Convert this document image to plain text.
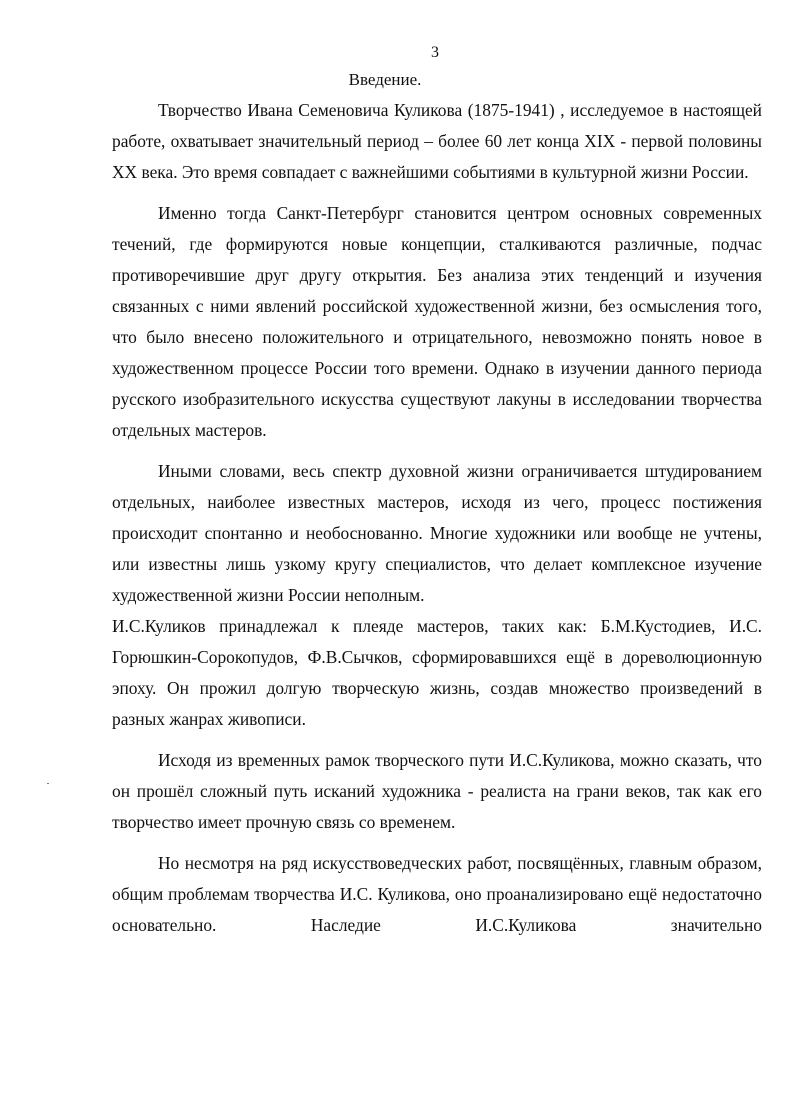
3
Введение.

Творчество Ивана Семеновича Куликова (1875-1941) , исследуемое в настоящей работе, охватывает значительный период – более 60 лет конца XIX - первой половины XX века. Это время совпадает с важнейшими событиями в культурной жизни России.

Именно тогда Санкт-Петербург становится центром основных современных течений, где формируются новые концепции, сталкиваются различные, подчас противоречившие друг другу открытия. Без анализа этих тенденций и изучения связанных с ними явлений российской художественной жизни, без осмысления того, что было внесено положительного и отрицательного, невозможно понять новое в художественном процессе России того времени. Однако в изучении данного периода русского изобразительного искусства существуют лакуны в исследовании творчества отдельных мастеров.

Иными словами, весь спектр духовной жизни ограничивается штудированием отдельных, наиболее известных мастеров, исходя из чего, процесс постижения происходит спонтанно и необоснованно. Многие художники или вообще не учтены, или известны лишь узкому кругу специалистов, что делает комплексное изучение художественной жизни России неполным.

И.С.Куликов принадлежал к плеяде мастеров, таких как: Б.М.Кустодиев, И.С. Горюшкин-Сорокопудов, Ф.В.Сычков, сформировавшихся ещё в дореволюционную эпоху. Он прожил долгую творческую жизнь, создав множество произведений в разных жанрах живописи.

Исходя из временных рамок творческого пути И.С.Куликова, можно сказать, что он прошёл сложный путь исканий художника - реалиста на грани веков, так как его творчество имеет прочную связь со временем.

Но несмотря на ряд искусствоведческих работ, посвящённых, главным образом, общим проблемам творчества И.С. Куликова, оно проанализировано ещё недостаточно основательно. Наследие И.С.Куликова значительно
